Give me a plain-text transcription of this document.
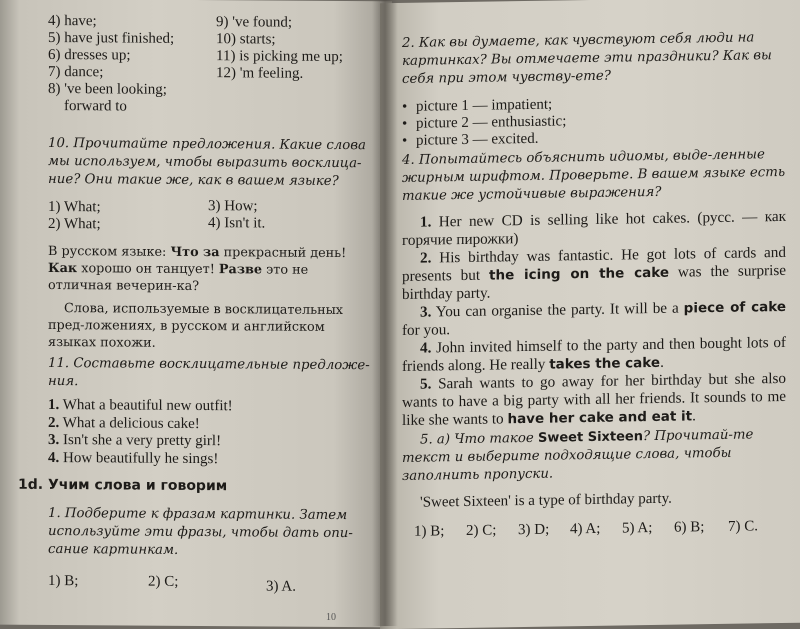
4) have;

5) have just finished;

6) dresses up;

7) dance;

8) 've been looking;

forward to

9) 've found;

10) starts;

11) is picking me up;

12) 'm feeling.

10. Прочитайте предложения. Какие слова мы используем, чтобы выразить восклица-ние? Они такие же, как в вашем языке?

1) What;
2) What;
3) How;
4) Isn't it.

В русском языке: Что за прекрасный день! Как хорошо он танцует! Разве это не отличная вечерин-ка?

Слова, используемые в восклицательных пред-ложениях, в русском и английском языках похожи.

11. Составьте восклицательные предложе-ния.

1. What a beautiful new outfit!
2. What a delicious cake!
3. Isn't she a very pretty girl!
4. How beautifully he sings!

1d. Учим слова и говорим

1. Подберите к фразам картинки. Затем используйте эти фразы, чтобы дать опи-сание картинкам.

1) B;	2) C;	3) A.

2. Как вы думаете, как чувствуют себя люди на картинках? Вы отмечаете эти праздники? Как вы себя при этом чувству-ете?

• picture 1 — impatient;
• picture 2 — enthusiastic;
• picture 3 — excited.

4. Попытайтесь объяснить идиомы, выде-ленные жирным шрифтом. Проверьте. В вашем языке есть такие же устойчивые выражения?

1. Her new CD is selling like hot cakes. (русс. — как горячие пирожки)

2. His birthday was fantastic. He got lots of cards and presents but the icing on the cake was the surprise birthday party.

3. You can organise the party. It will be a piece of cake for you.

4. John invited himself to the party and then bought lots of friends along. He really takes the cake.

5. Sarah wants to go away for her birthday but she also wants to have a big party with all her friends. It sounds to me like she wants to have her cake and eat it.

5. а) Что такое Sweet Sixteen? Прочитай-те текст и выберите подходящие слова, чтобы заполнить пропуски.

'Sweet Sixteen' is a type of birthday party.

1) B; 2) C; 3) D; 4) A; 5) A; 6) B; 7) C.
10
